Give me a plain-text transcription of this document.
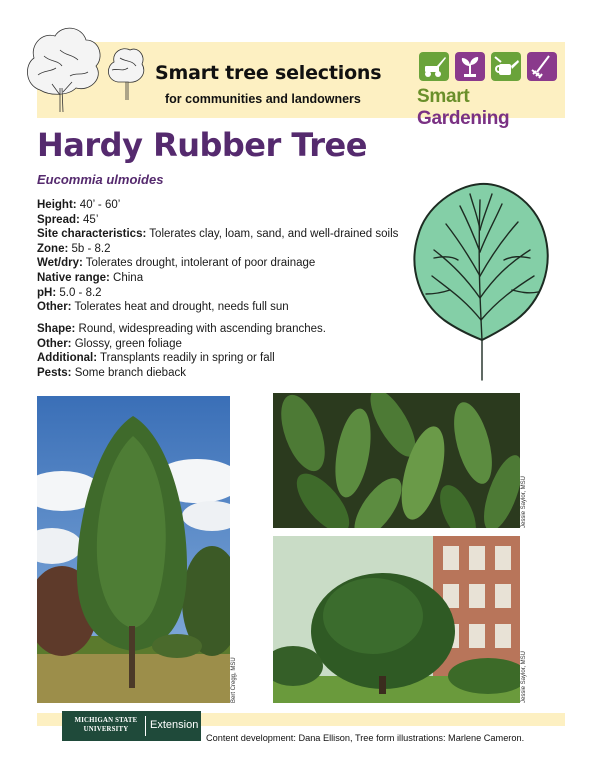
Smart tree selections
for communities and landowners	Smart Gardening
Hardy Rubber Tree
Eucommia ulmoides
Height: 40’ - 60’
Spread: 45’
Site characteristics: Tolerates clay, loam, sand, and well-drained soils
Zone: 5b - 8.2
Wet/dry: Tolerates drought, intolerant of poor drainage
Native range: China
pH: 5.0 - 8.2
Other: Tolerates heat and drought, needs full sun
Shape: Round, widespreading with ascending branches.
Other: Glossy, green foliage
Additional: Transplants readily in spring or fall
Pests: Some branch dieback
Bert Cregg, MSU
Jessie Saylor, MSU
Jessie Saylor, MSU
MICHIGAN STATE
UNIVERSITY	Extension
Content development: Dana Ellison, Tree form illustrations: Marlene Cameron.
